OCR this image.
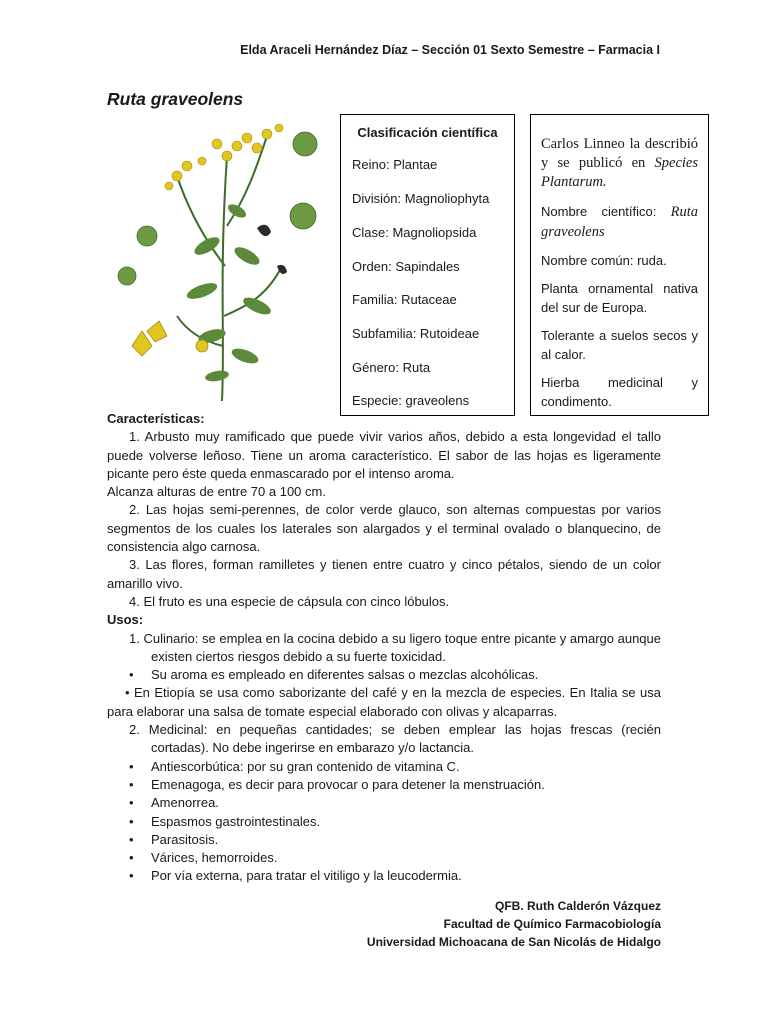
Elda Araceli Hernández Díaz – Sección 01 Sexto Semestre – Farmacia I
Ruta graveolens
Clasificación científica
Reino: Plantae
División: Magnoliophyta
Clase: Magnoliopsida
Orden: Sapindales
Familia: Rutaceae
Subfamilia: Rutoideae
Género: Ruta
Especie: graveolens

Carlos Linneo la describió y se publicó en Species Plantarum.

Nombre científico: Ruta graveolens

Nombre común: ruda.

Planta ornamental nativa del sur de Europa.

Tolerante a suelos secos y al calor.

Hierba medicinal y condimento.

Características:

1. Arbusto muy ramificado que puede vivir varios años, debido a esta longevidad el tallo puede volverse leñoso. Tiene un aroma característico. El sabor de las hojas es ligeramente picante pero éste queda enmascarado por el intenso aroma.

Alcanza alturas de entre 70 a 100 cm.

2. Las hojas semi-perennes, de color verde glauco, son alternas compuestas por varios segmentos de los cuales los laterales son alargados y el terminal ovalado o blanquecino, de consistencia algo carnosa.

3. Las flores, forman ramilletes y tienen entre cuatro y cinco pétalos, siendo de un color amarillo vivo.

4. El fruto es una especie de cápsula con cinco lóbulos.

Usos:

1. Culinario: se emplea en la cocina debido a su ligero toque entre picante y amargo aunque existen ciertos riesgos debido a su fuerte toxicidad.

• Su aroma es empleado en diferentes salsas o mezclas alcohólicas.

• En Etiopía se usa como saborizante del café y en la mezcla de especies. En Italia se usa para elaborar una salsa de tomate especial elaborado con olivas y alcaparras.

2. Medicinal: en pequeñas cantidades; se deben emplear las hojas frescas (recién cortadas). No debe ingerirse en embarazo y/o lactancia.

• Antiescorbútica: por su gran contenido de vitamina C.

• Emenagoga, es decir para provocar o para detener la menstruación.

• Amenorrea.

• Espasmos gastrointestinales.

• Parasitosis.

• Várices, hemorroides.

• Por vía externa, para tratar el vitiligo y la leucodermia.

QFB. Ruth Calderón Vázquez
Facultad de Químico Farmacobiología
Universidad Michoacana de San Nicolás de Hidalgo
